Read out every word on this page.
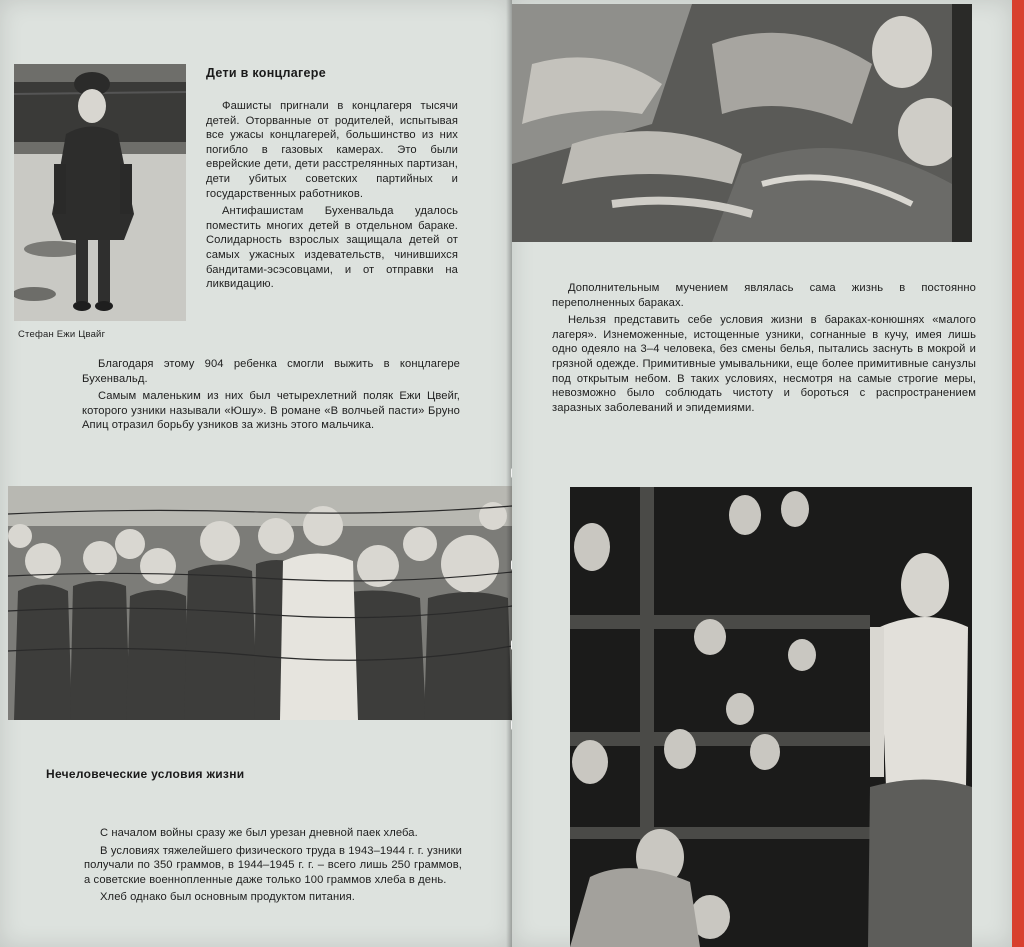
Стефан Ежи Цвайг
Дети в концлагере

Фашисты пригнали в концлагеря тысячи детей. Оторванные от родителей, испытывая все ужасы концлагерей, большинство из них погибло в газовых камерах. Это были еврейские дети, дети расстрелянных партизан, дети убитых советских партийных и государственных работников.

Антифашистам Бухенвальда удалось поместить многих детей в отдельном бараке. Солидарность взрослых защищала детей от самых ужасных издевательств, чинившихся бандитами-эсэсовцами, и от отправки на ликвидацию.

Благодаря этому 904 ребенка смогли выжить в концлагере Бухенвальд.

Самым маленьким из них был четырехлетний поляк Ежи Цвейг, которого узники называли «Юшу». В романе «В волчьей пасти» Бруно Апиц отразил борьбу узников за жизнь этого мальчика.

Нечеловеческие условия жизни

С началом войны сразу же был урезан дневной паек хлеба.

В условиях тяжелейшего физического труда в 1943–1944 г. г. узники получали по 350 граммов, в 1944–1945 г. г. – всего лишь 250 граммов, а советские военнопленные даже только 100 граммов хлеба в день.

Хлеб однако был основным продуктом питания.

Дополнительным мучением являлась сама жизнь в постоянно переполненных бараках.

Нельзя представить себе условия жизни в бараках-конюшнях «малого лагеря». Изнеможенные, истощенные узники, согнанные в кучу, имея лишь одно одеяло на 3–4 человека, без смены белья, пытались заснуть в мокрой и грязной одежде. Примитивные умывальники, еще более примитивные санузлы под открытым небом. В таких условиях, несмотря на самые строгие меры, невозможно было соблюдать чистоту и бороться с распространением заразных заболеваний и эпидемиями.
